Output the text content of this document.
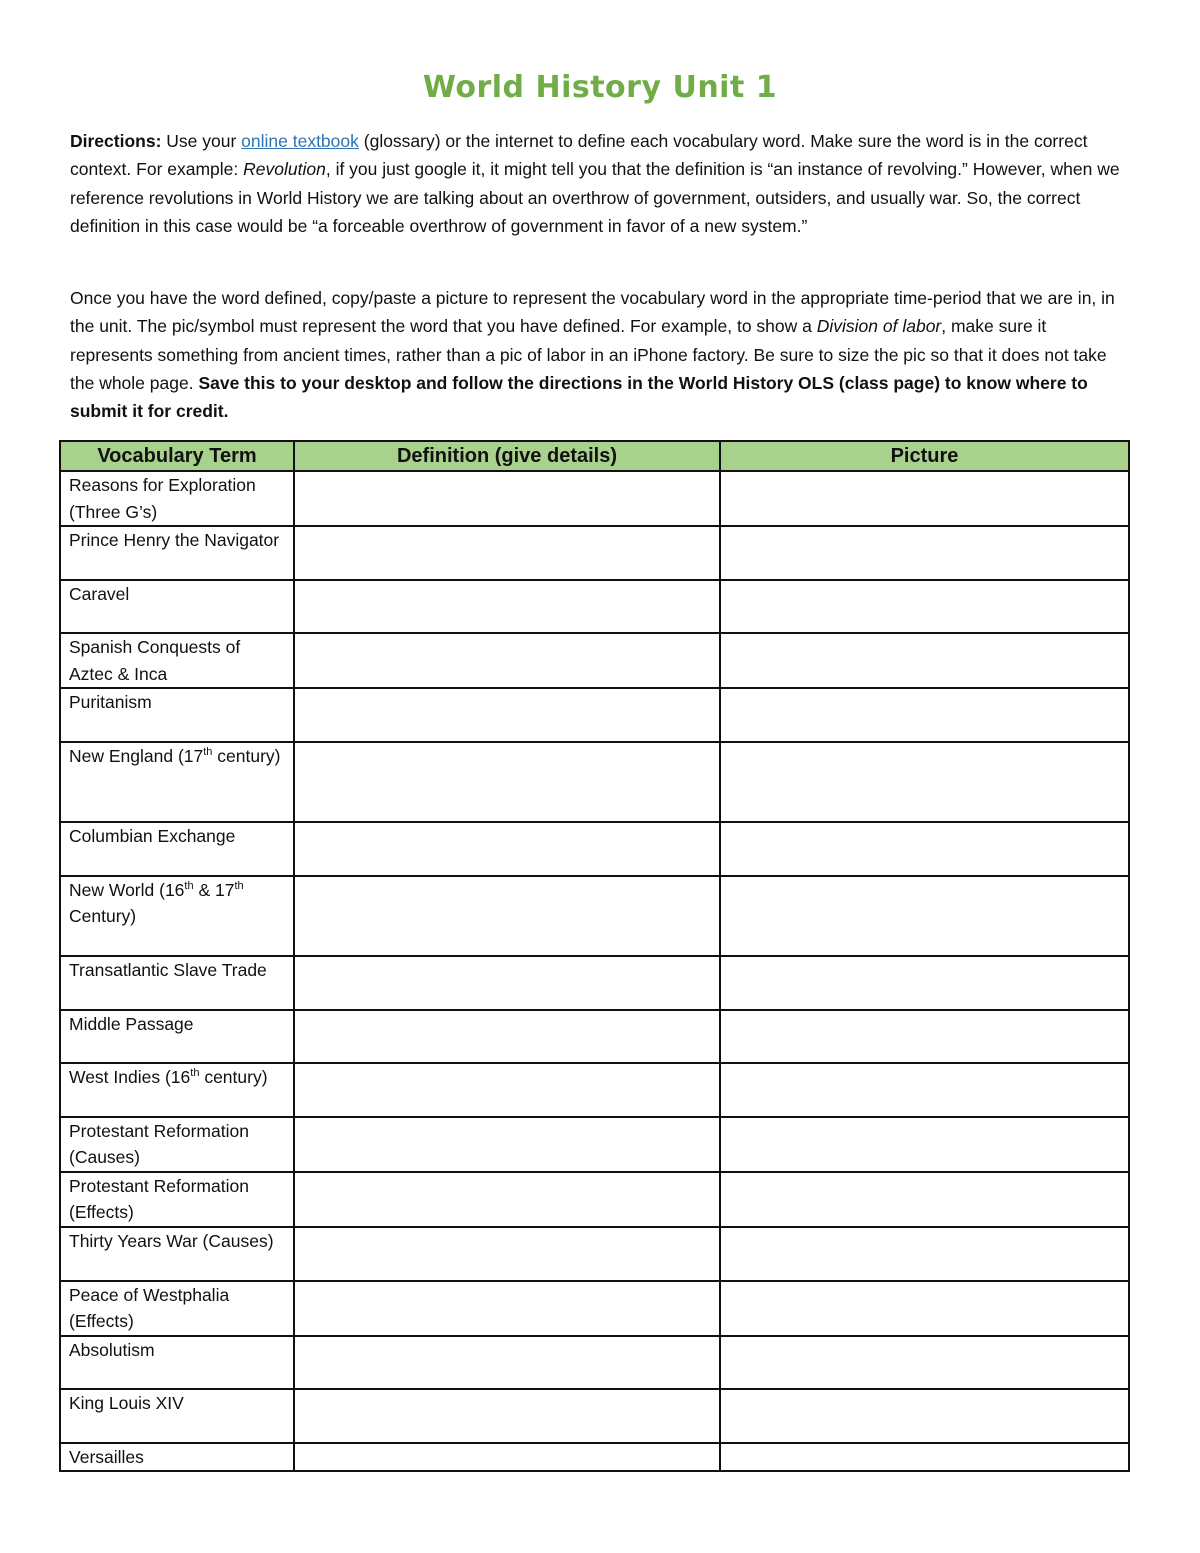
World History Unit 1
Directions: Use your online textbook (glossary) or the internet to define each vocabulary word. Make sure the word is in the correct context. For example: Revolution, if you just google it, it might tell you that the definition is “an instance of revolving.” However, when we reference revolutions in World History we are talking about an overthrow of government, outsiders, and usually war. So, the correct definition in this case would be “a forceable overthrow of government in favor of a new system.”
Once you have the word defined, copy/paste a picture to represent the vocabulary word in the appropriate time-period that we are in, in the unit. The pic/symbol must represent the word that you have defined. For example, to show a Division of labor, make sure it represents something from ancient times, rather than a pic of labor in an iPhone factory. Be sure to size the pic so that it does not take the whole page. Save this to your desktop and follow the directions in the World History OLS (class page) to know where to submit it for credit.
Vocabulary Term	Definition (give details)	Picture
Reasons for Exploration (Three G’s)		
Prince Henry the Navigator		
Caravel		
Spanish Conquests of Aztec & Inca		
Puritanism		
New England (17th century)		
Columbian Exchange		
New World (16th & 17th Century)		
Transatlantic Slave Trade		
Middle Passage		
West Indies (16th century)		
Protestant Reformation (Causes)		
Protestant Reformation (Effects)		
Thirty Years War (Causes)		
Peace of Westphalia (Effects)		
Absolutism		
King Louis XIV		
Versailles		
